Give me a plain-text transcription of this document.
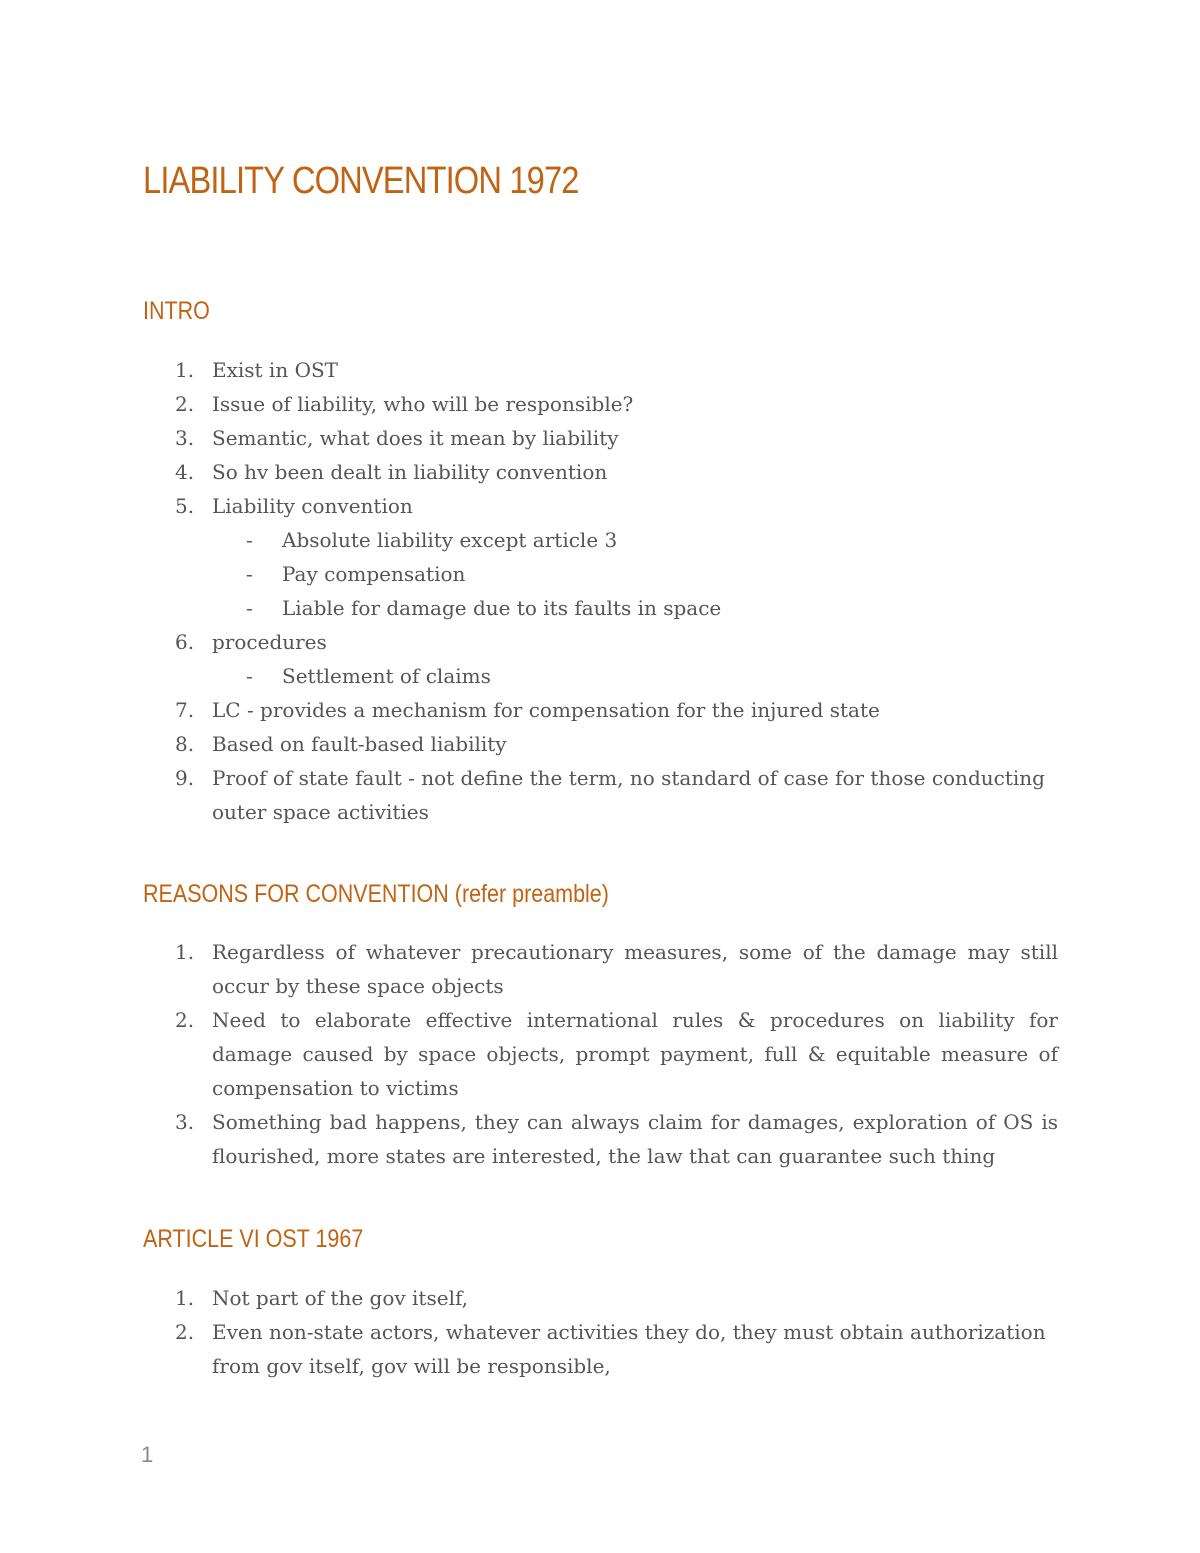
LIABILITY CONVENTION 1972
INTRO
1. Exist in OST
2. Issue of liability, who will be responsible?
3. Semantic, what does it mean by liability
4. So hv been dealt in liability convention
5. Liability convention
- Absolute liability except article 3
- Pay compensation
- Liable for damage due to its faults in space
6. procedures
- Settlement of claims
7. LC - provides a mechanism for compensation for the injured state
8. Based on fault-based liability
9. Proof of state fault - not define the term, no standard of case for those conducting outer space activities
REASONS FOR CONVENTION (refer preamble)
1. Regardless of whatever precautionary measures, some of the damage may still occur by these space objects
2. Need to elaborate effective international rules & procedures on liability for damage caused by space objects, prompt payment, full & equitable measure of compensation to victims
3. Something bad happens, they can always claim for damages, exploration of OS is flourished, more states are interested, the law that can guarantee such thing
ARTICLE VI OST 1967
1. Not part of the gov itself,
2. Even non-state actors, whatever activities they do, they must obtain authorization from gov itself, gov will be responsible,
1
